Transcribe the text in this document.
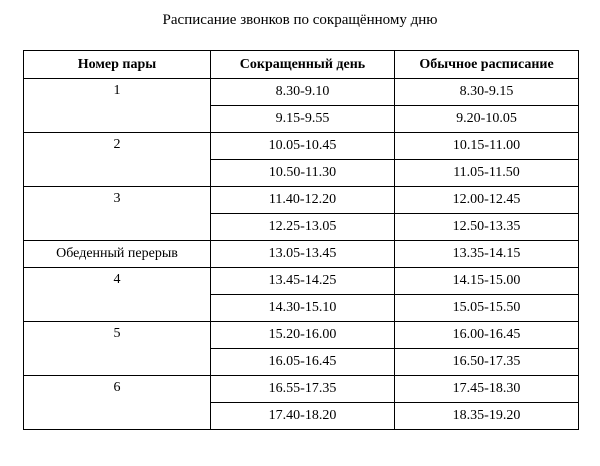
Расписание звонков по сокращённому дню
Номер пары	Сокращенный день	Обычное расписание
1	8.30-9.10	8.30-9.15
	9.15-9.55	9.20-10.05
2	10.05-10.45	10.15-11.00
	10.50-11.30	11.05-11.50
3	11.40-12.20	12.00-12.45
	12.25-13.05	12.50-13.35
Обеденный перерыв	13.05-13.45	13.35-14.15
4	13.45-14.25	14.15-15.00
	14.30-15.10	15.05-15.50
5	15.20-16.00	16.00-16.45
	16.05-16.45	16.50-17.35
6	16.55-17.35	17.45-18.30
	17.40-18.20	18.35-19.20
